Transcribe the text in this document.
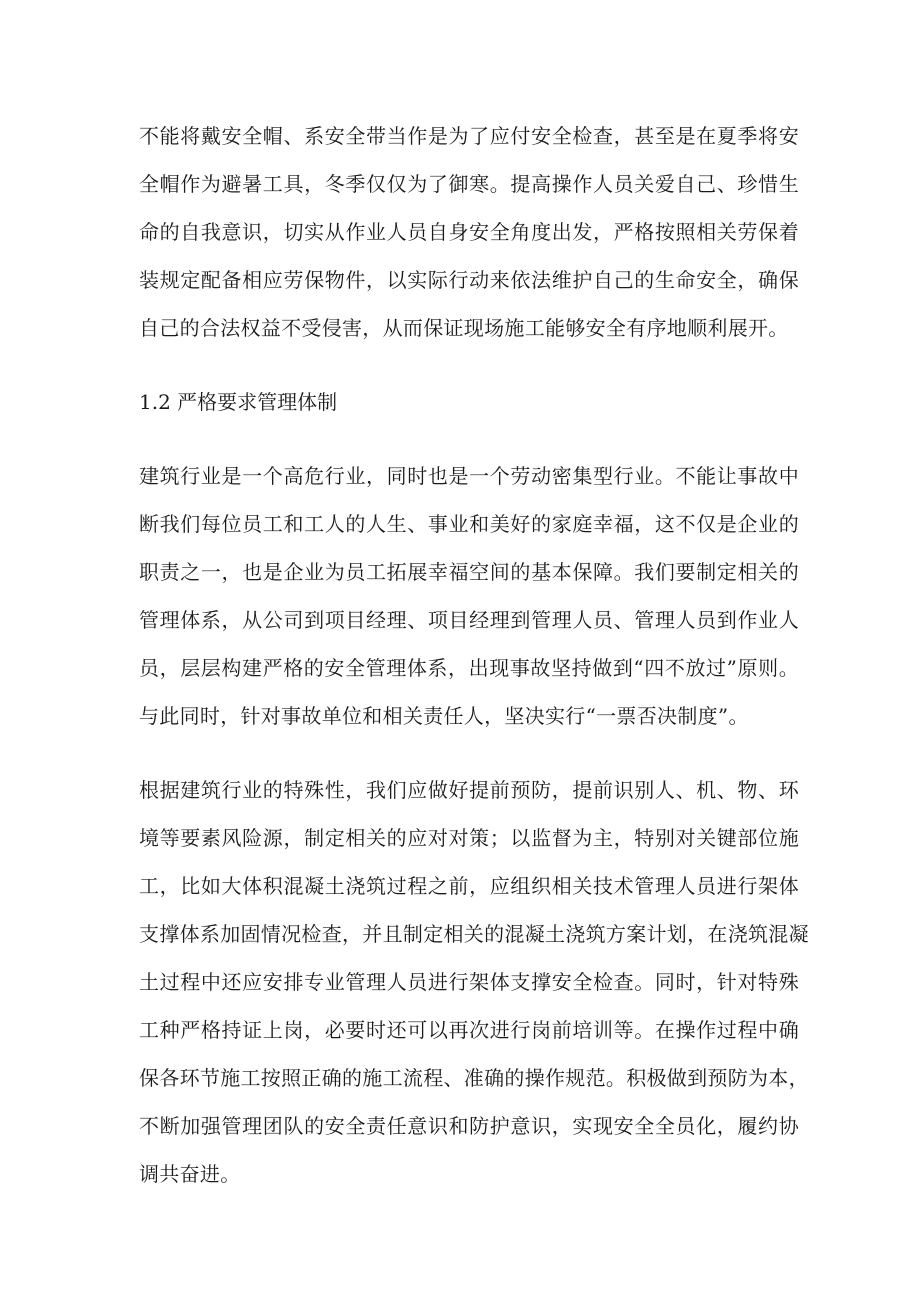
不能将戴安全帽、系安全带当作是为了应付安全检查，甚至是在夏季将安
全帽作为避暑工具，冬季仅仅为了御寒。提高操作人员关爱自己、珍惜生
命的自我意识，切实从作业人员自身安全角度出发，严格按照相关劳保着
装规定配备相应劳保物件，以实际行动来依法维护自己的生命安全，确保
自己的合法权益不受侵害，从而保证现场施工能够安全有序地顺利展开。
1.2 严格要求管理体制
建筑行业是一个高危行业，同时也是一个劳动密集型行业。不能让事故中
断我们每位员工和工人的人生、事业和美好的家庭幸福，这不仅是企业的
职责之一，也是企业为员工拓展幸福空间的基本保障。我们要制定相关的
管理体系，从公司到项目经理、项目经理到管理人员、管理人员到作业人
员，层层构建严格的安全管理体系，出现事故坚持做到“四不放过”原则。
与此同时，针对事故单位和相关责任人，坚决实行“一票否决制度”。
根据建筑行业的特殊性，我们应做好提前预防，提前识别人、机、物、环
境等要素风险源，制定相关的应对对策；以监督为主，特别对关键部位施
工，比如大体积混凝土浇筑过程之前，应组织相关技术管理人员进行架体
支撑体系加固情况检查，并且制定相关的混凝土浇筑方案计划，在浇筑混凝
土过程中还应安排专业管理人员进行架体支撑安全检查。同时，针对特殊
工种严格持证上岗，必要时还可以再次进行岗前培训等。在操作过程中确
保各环节施工按照正确的施工流程、准确的操作规范。积极做到预防为本，
不断加强管理团队的安全责任意识和防护意识，实现安全全员化，履约协
调共奋进。
